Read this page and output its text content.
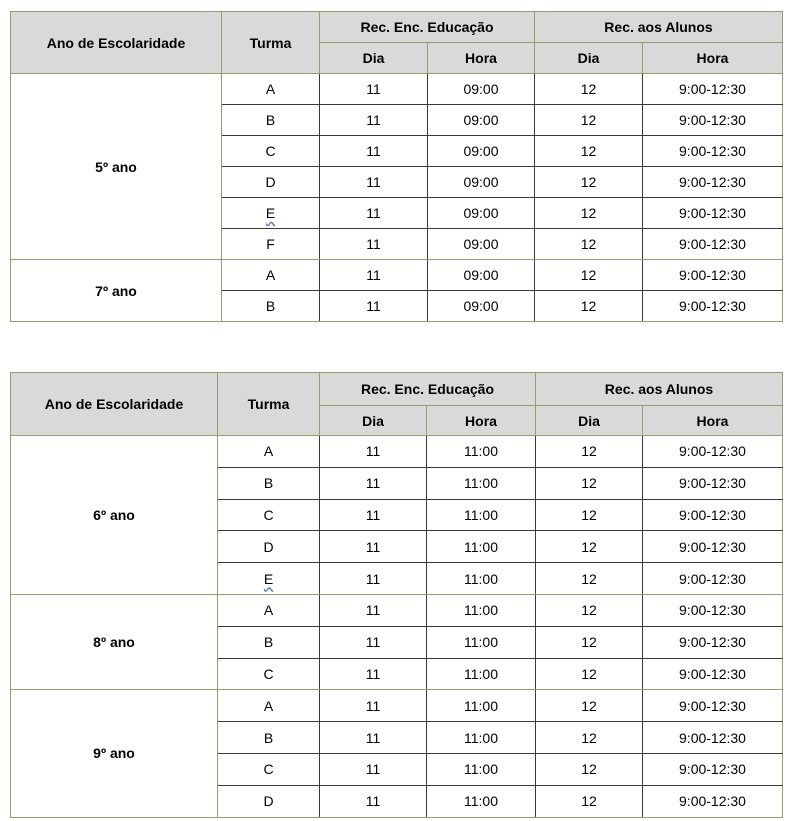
Ano de Escolaridade	Turma	Rec. Enc. Educação		Rec. aos Alunos	
		Dia	Hora	Dia	Hora
5º ano	A	11	09:00	12	9:00-12:30
	B	11	09:00	12	9:00-12:30
	C	11	09:00	12	9:00-12:30
	D	11	09:00	12	9:00-12:30
	E	11	09:00	12	9:00-12:30
	F	11	09:00	12	9:00-12:30
7º ano	A	11	09:00	12	9:00-12:30
	B	11	09:00	12	9:00-12:30
Ano de Escolaridade	Turma	Rec. Enc. Educação		Rec. aos Alunos	
		Dia	Hora	Dia	Hora
6º ano	A	11	11:00	12	9:00-12:30
	B	11	11:00	12	9:00-12:30
	C	11	11:00	12	9:00-12:30
	D	11	11:00	12	9:00-12:30
	E	11	11:00	12	9:00-12:30
8º ano	A	11	11:00	12	9:00-12:30
	B	11	11:00	12	9:00-12:30
	C	11	11:00	12	9:00-12:30
9º ano	A	11	11:00	12	9:00-12:30
	B	11	11:00	12	9:00-12:30
	C	11	11:00	12	9:00-12:30
	D	11	11:00	12	9:00-12:30
